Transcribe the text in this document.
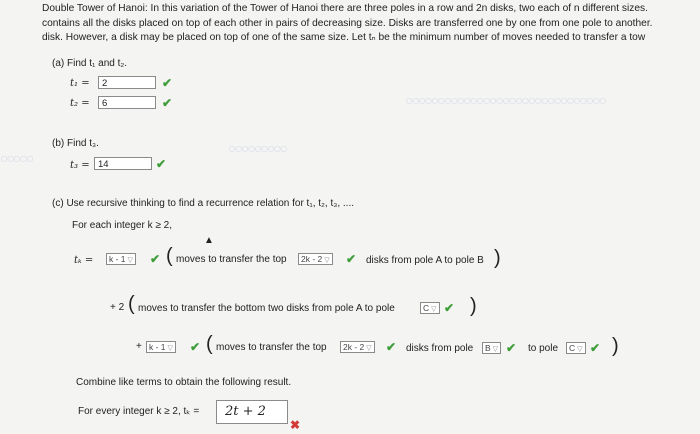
Double Tower of Hanoi: In this variation of the Tower of Hanoi there are three poles in a row and 2n disks, two each of n different sizes.
contains all the disks placed on top of each other in pairs of decreasing size. Disks are transferred one by one from one pole to another.
disk. However, a disk may be placed on top of one of the same size. Let tₙ be the minimum number of moves needed to transfer a tow
○○○○○○○○○○○○○○○○○○○○○○○○○○○○○○○
○○○○○
○○○○○○○○○
(a) Find t₁ and t₂.
t₁ =	2	✔
t₂ =	6	✔
(b) Find t₃.
t₃ = 14	✔
(c) Use recursive thinking to find a recurrence relation for t₁, t₂, t₃, ....
For each integer k ≥ 2,
tₖ =	k - 1 ▽ ✔ ( moves to transfer the top	2k - 2 ▽ ✔ disks from pole A to pole B )
+ 2 ( moves to transfer the bottom two disks from pole A to pole	C ▽ ✔ )
+ k - 1 ▽ ✔ ( moves to transfer the top	2k - 2 ▽ ✔ disks from pole	B ▽ ✔ to pole	C ▽ ✔ )
Combine like terms to obtain the following result.
For every integer k ≥ 2, tₖ =	2t + 2
✖
▲
